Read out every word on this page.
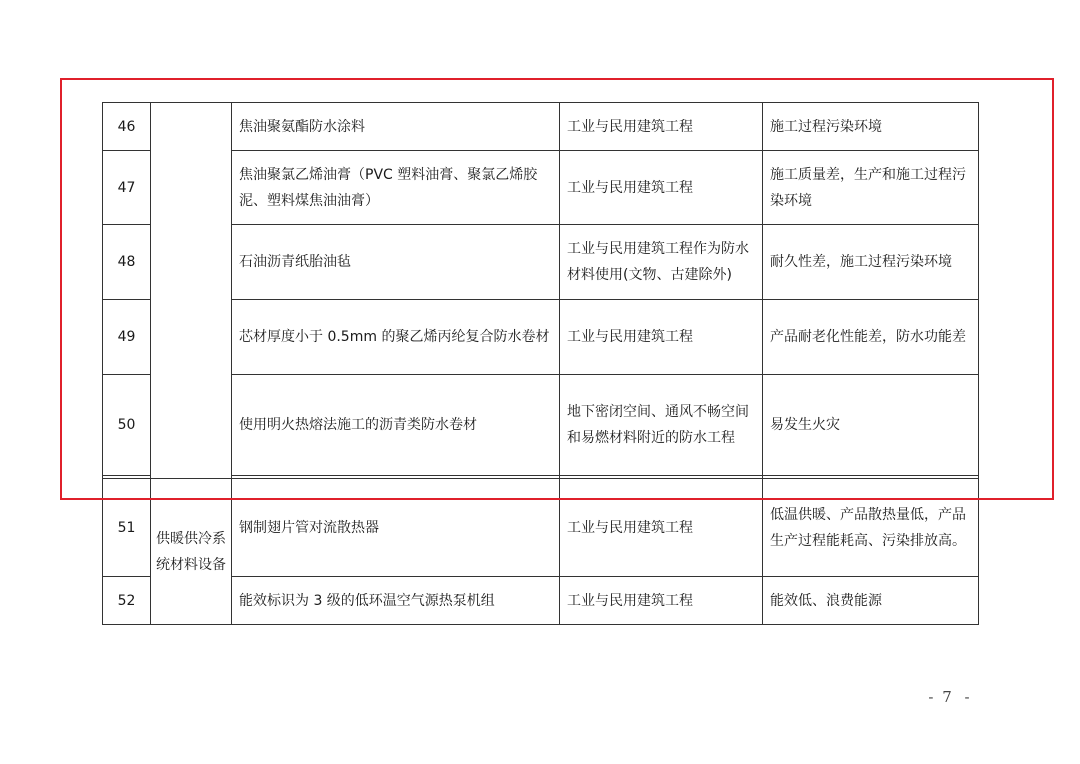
46		焦油聚氨酯防水涂料	工业与民用建筑工程	施工过程污染环境
47		焦油聚氯乙烯油膏（PVC 塑料油膏、聚氯乙烯胶泥、塑料煤焦油油膏）	工业与民用建筑工程	施工质量差，生产和施工过程污染环境
48		石油沥青纸胎油毡	工业与民用建筑工程作为防水材料使用(文物、古建除外)	耐久性差，施工过程污染环境
49		芯材厚度小于 0.5mm 的聚乙烯丙纶复合防水卷材	工业与民用建筑工程	产品耐老化性能差，防水功能差
50		使用明火热熔法施工的沥青类防水卷材	地下密闭空间、通风不畅空间和易燃材料附近的防水工程	易发生火灾

51	供暖供冷系统材料设备	钢制翅片管对流散热器	工业与民用建筑工程	低温供暖、产品散热量低，产品生产过程能耗高、污染排放高。
52		能效标识为 3 级的低环温空气源热泵机组	工业与民用建筑工程	能效低、浪费能源
- 7 -
